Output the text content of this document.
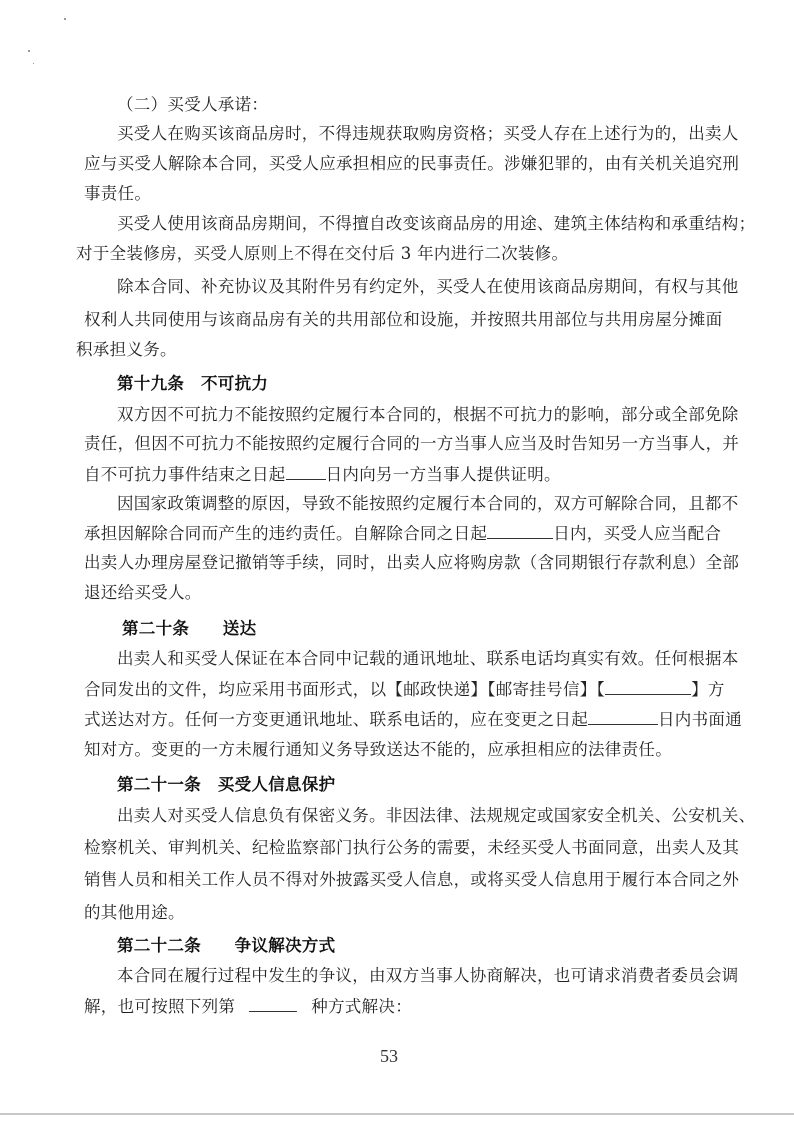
（二）买受人承诺：
买受人在购买该商品房时，不得违规获取购房资格；买受人存在上述行为的，出卖人
应与买受人解除本合同，买受人应承担相应的民事责任。涉嫌犯罪的，由有关机关追究刑
事责任。
买受人使用该商品房期间，不得擅自改变该商品房的用途、建筑主体结构和承重结构；
对于全装修房，买受人原则上不得在交付后 3 年内进行二次装修。
除本合同、补充协议及其附件另有约定外，买受人在使用该商品房期间，有权与其他
权利人共同使用与该商品房有关的共用部位和设施，并按照共用部位与共用房屋分摊面
积承担义务。
第十九条　不可抗力
双方因不可抗力不能按照约定履行本合同的，根据不可抗力的影响，部分或全部免除
责任，但因不可抗力不能按照约定履行合同的一方当事人应当及时告知另一方当事人，并
自不可抗力事件结束之日起 日内向另一方当事人提供证明。
因国家政策调整的原因，导致不能按照约定履行本合同的，双方可解除合同，且都不
承担因解除合同而产生的违约责任。自解除合同之日起	日内，买受人应当配合
出卖人办理房屋登记撤销等手续，同时，出卖人应将购房款（含同期银行存款利息）全部
退还给买受人。
第二十条　　送达
出卖人和买受人保证在本合同中记载的通讯地址、联系电话均真实有效。任何根据本
合同发出的文件，均应采用书面形式，以【邮政快递】【邮寄挂号信】【	】方
式送达对方。任何一方变更通讯地址、联系电话的，应在变更之日起	日内书面通
知对方。变更的一方未履行通知义务导致送达不能的，应承担相应的法律责任。
第二十一条　买受人信息保护
出卖人对买受人信息负有保密义务。非因法律、法规规定或国家安全机关、公安机关、
检察机关、审判机关、纪检监察部门执行公务的需要，未经买受人书面同意，出卖人及其
销售人员和相关工作人员不得对外披露买受人信息，或将买受人信息用于履行本合同之外
的其他用途。
第二十二条　　争议解决方式
本合同在履行过程中发生的争议，由双方当事人协商解决，也可请求消费者委员会调
解，也可按照下列第	种方式解决：
53
